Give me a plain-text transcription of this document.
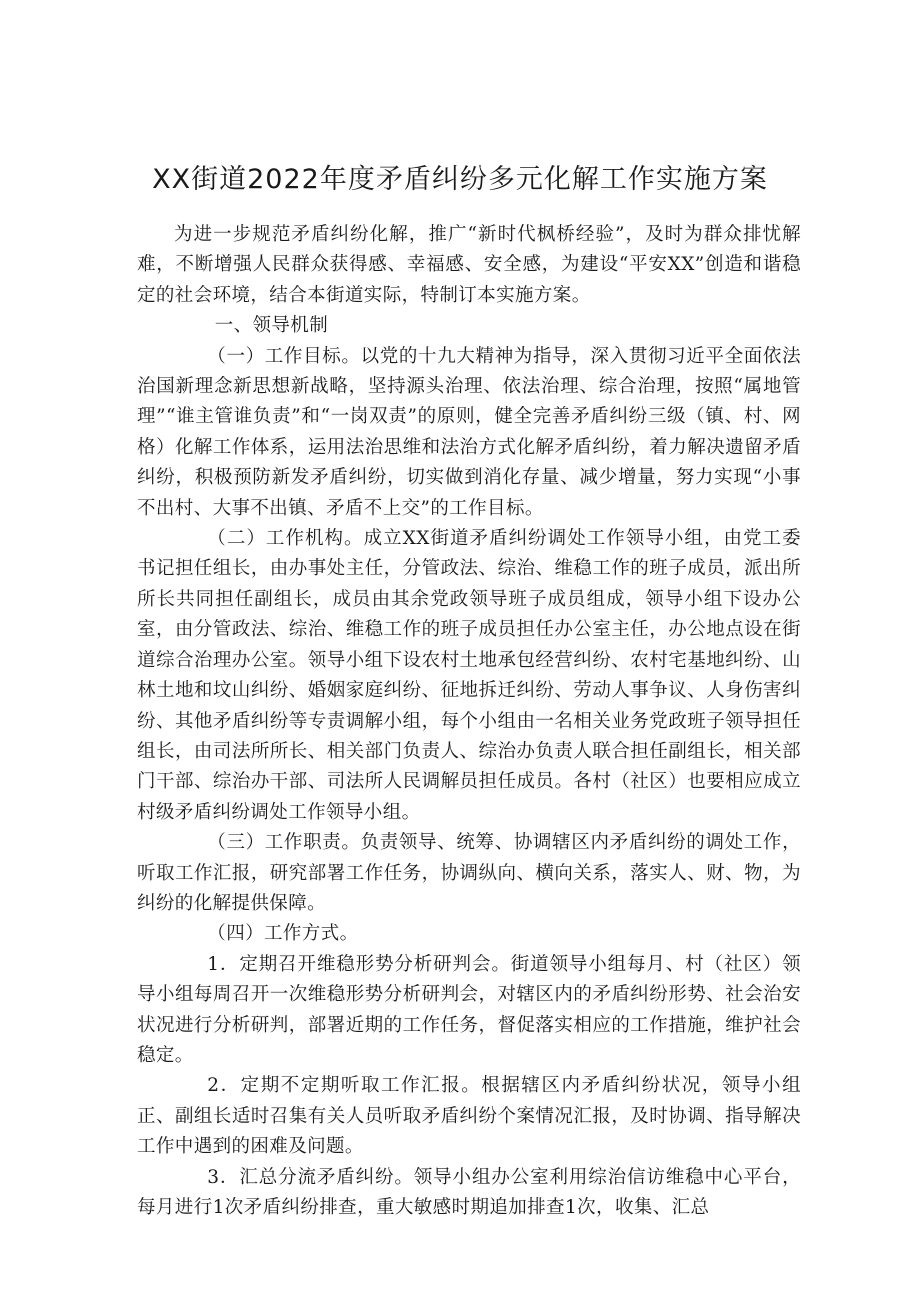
XX街道2022年度矛盾纠纷多元化解工作实施方案

为进一步规范矛盾纠纷化解，推广“新时代枫桥经验”，及时为群众排忧解难，不断增强人民群众获得感、幸福感、安全感，为建设“平安XX”创造和谐稳定的社会环境，结合本街道实际，特制订本实施方案。

一、领导机制

（一）工作目标。以党的十九大精神为指导，深入贯彻习近平全面依法治国新理念新思想新战略，坚持源头治理、依法治理、综合治理，按照“属地管理”“谁主管谁负责”和“一岗双责”的原则，健全完善矛盾纠纷三级（镇、村、网格）化解工作体系，运用法治思维和法治方式化解矛盾纠纷，着力解决遗留矛盾纠纷，积极预防新发矛盾纠纷，切实做到消化存量、减少增量，努力实现“小事不出村、大事不出镇、矛盾不上交”的工作目标。

（二）工作机构。成立XX街道矛盾纠纷调处工作领导小组，由党工委书记担任组长，由办事处主任，分管政法、综治、维稳工作的班子成员，派出所所长共同担任副组长，成员由其余党政领导班子成员组成，领导小组下设办公室，由分管政法、综治、维稳工作的班子成员担任办公室主任，办公地点设在街道综合治理办公室。领导小组下设农村土地承包经营纠纷、农村宅基地纠纷、山林土地和坟山纠纷、婚姻家庭纠纷、征地拆迁纠纷、劳动人事争议、人身伤害纠纷、其他矛盾纠纷等专责调解小组，每个小组由一名相关业务党政班子领导担任组长，由司法所所长、相关部门负责人、综治办负责人联合担任副组长，相关部门干部、综治办干部、司法所人民调解员担任成员。各村（社区）也要相应成立村级矛盾纠纷调处工作领导小组。

（三）工作职责。负责领导、统筹、协调辖区内矛盾纠纷的调处工作，听取工作汇报，研究部署工作任务，协调纵向、横向关系，落实人、财、物，为纠纷的化解提供保障。

（四）工作方式。

1．定期召开维稳形势分析研判会。街道领导小组每月、村（社区）领导小组每周召开一次维稳形势分析研判会，对辖区内的矛盾纠纷形势、社会治安状况进行分析研判，部署近期的工作任务，督促落实相应的工作措施，维护社会稳定。

2．定期不定期听取工作汇报。根据辖区内矛盾纠纷状况，领导小组正、副组长适时召集有关人员听取矛盾纠纷个案情况汇报，及时协调、指导解决工作中遇到的困难及问题。

3．汇总分流矛盾纠纷。领导小组办公室利用综治信访维稳中心平台，每月进行1次矛盾纠纷排查，重大敏感时期追加排查1次，收集、汇总
